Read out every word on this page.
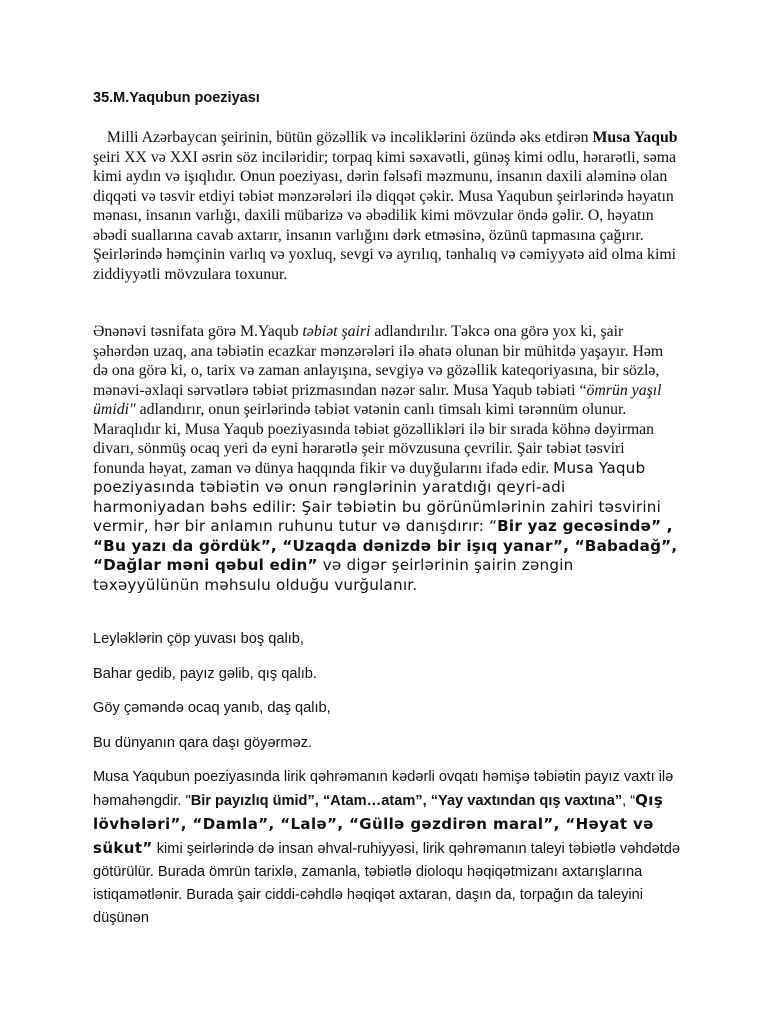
35.M.Yaqubun poeziyası

Milli Azərbaycan şeirinin, bütün gözəllik və incəliklərini özündə əks etdirən Musa Yaqub şeiri XX və XXI əsrin söz inciləridir; torpaq kimi səxavətli, günəş kimi odlu, hərarətli, səma kimi aydın və işıqlıdır. Onun poeziyası, dərin fəlsəfi məzmunu, insanın daxili aləminə olan diqqəti və təsvir etdiyi təbiət mənzərələri ilə diqqət çəkir. Musa Yaqubun şeirlərində həyatın mənası, insanın varlığı, daxili mübarizə və əbədilik kimi mövzular öndə gəlir. O, həyatın əbədi suallarına cavab axtarır, insanın varlığını dərk etməsinə, özünü tapmasına çağırır. Şeirlərində həmçinin varlıq və yoxluq, sevgi və ayrılıq, tənhalıq və cəmiyyətə aid olma kimi ziddiyyətli mövzulara toxunur.

Ənənəvi təsnifata görə M.Yaqub təbiət şairi adlandırılır. Təkcə ona görə yox ki, şair şəhərdən uzaq, ana təbiətin ecazkar mənzərələri ilə əhatə olunan bir mühitdə yaşayır. Həm də ona görə ki, o, tarix və zaman anlayışına, sevgiyə və gözəllik kateqoriyasına, bir sözlə, mənəvi-əxlaqi sərvətlərə təbiət prizmasından nəzər salır. Musa Yaqub təbiəti “ömrün yaşıl ümidi" adlandırır, onun şeirlərində təbiət vətənin canlı timsalı kimi tərənnüm olunur. Maraqlıdır ki, Musa Yaqub poeziyasında təbiət gözəllikləri ilə bir sırada köhnə dəyirman divarı, sönmüş ocaq yeri də eyni hərarətlə şeir mövzusuna çevrilir. Şair təbiət təsviri fonunda həyat, zaman və dünya haqqında fikir və duyğularını ifadə edir. Musa Yaqub poeziyasında təbiətin və onun rənglərinin yaratdığı qeyri-adi harmoniyadan bəhs edilir: Şair təbiətin bu görünümlərinin zahiri təsvirini vermir, hər bir anlamın ruhunu tutur və danışdırır: “Bir yaz gecəsində” , “Bu yazı da gördük”, “Uzaqda dənizdə bir işıq yanar”, “Babadağ”, “Dağlar məni qəbul edin” və digər şeirlərinin şairin zəngin təxəyyülünün məhsulu olduğu vurğulanır.

Leyləklərin çöp yuvası boş qalıb,

Bahar gedib, payız gəlib, qış qalıb.

Göy çəməndə ocaq yanıb, daş qalıb,

Bu dünyanın qara daşı göyərməz.

Musa Yaqubun poeziyasında lirik qəhrəmanın kədərli ovqatı həmişə təbiətin payız vaxtı ilə həmahəngdir. "Bir payızlıq ümid”, “Atam…atam”, “Yay vaxtından qış vaxtına”, “Qış lövhələri”, “Damla”, “Lalə”, “Güllə gəzdirən maral”, “Həyat və sükut” kimi şeirlərində də insan əhval-ruhiyyəsi, lirik qəhrəmanın taleyi təbiətlə vəhdətdə götürülür. Burada ömrün tarixlə, zamanla, təbiətlə dioloqu həqiqətmizanı axtarışlarına istiqamətlənir. Burada şair ciddi-cəhdlə həqiqət axtaran, daşın da, torpağın da taleyini düşünən
